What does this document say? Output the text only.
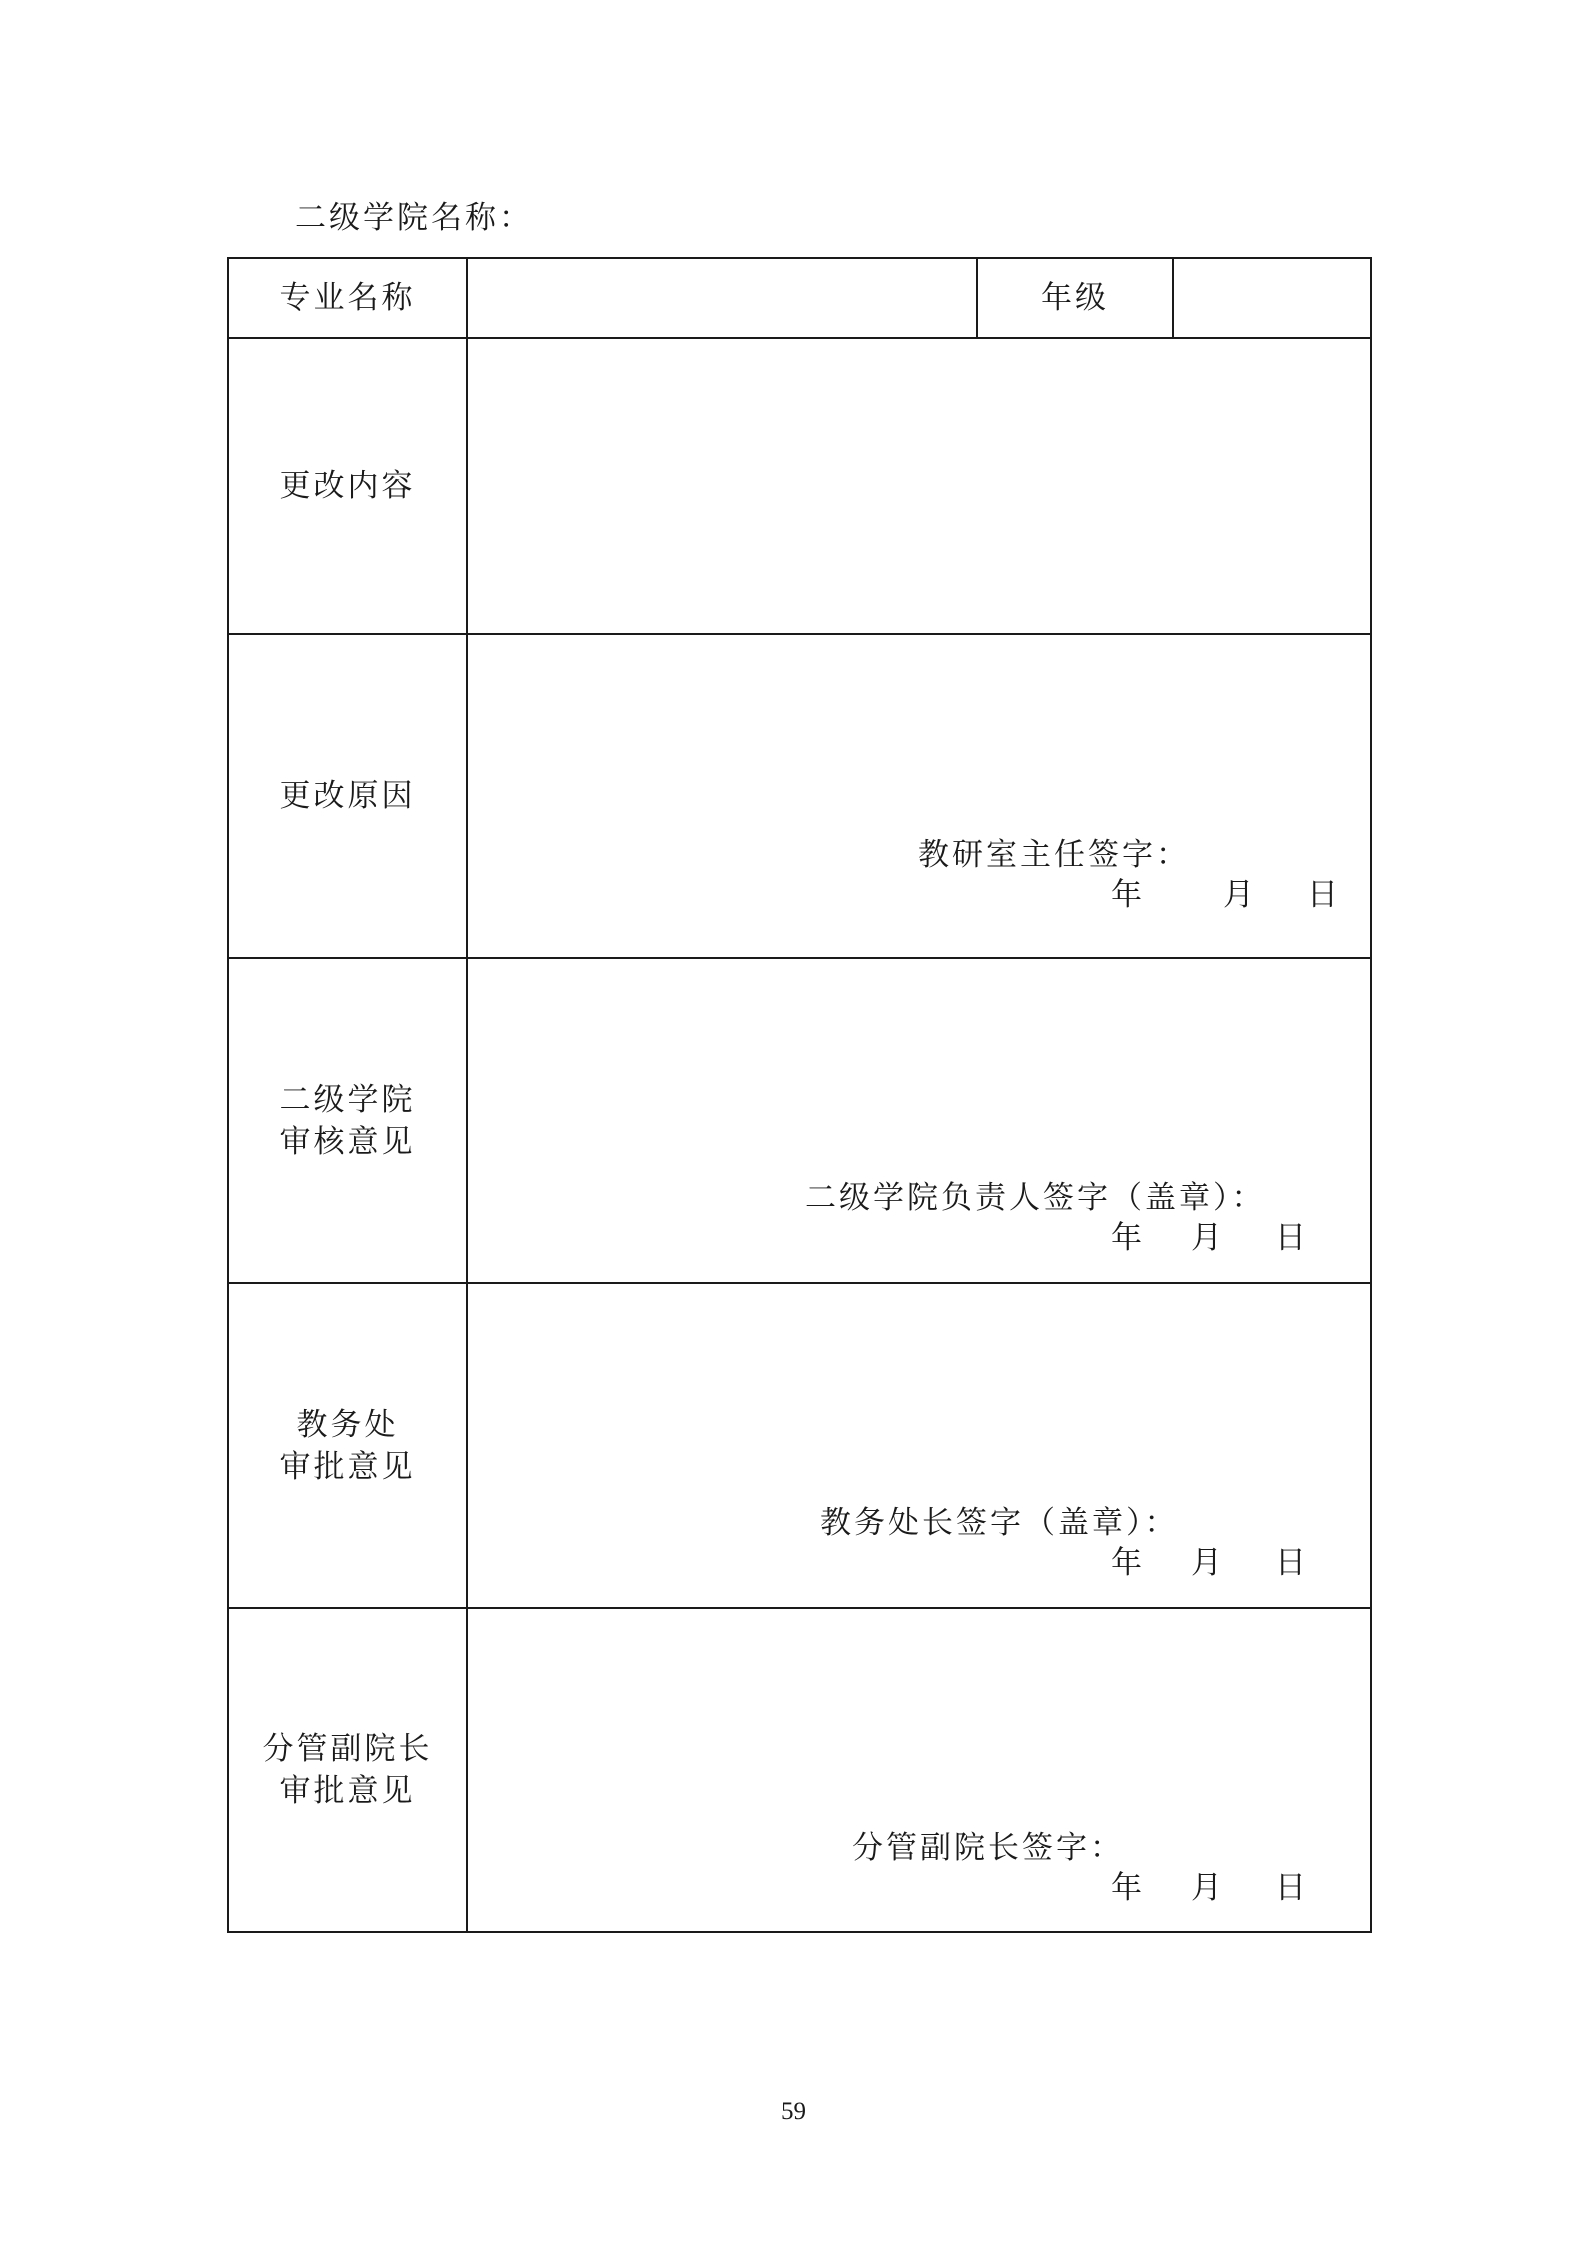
二级学院名称：
专业名称	年级
更改内容
更改原因
教研室主任签字：
年	月 日
二级学院
审核意见
二级学院负责人签字（盖章）：
年 月 日
教务处
审批意见
教务处长签字（盖章）：
年 月 日
分管副院长
审批意见
分管副院长签字：
年 月 日
59
